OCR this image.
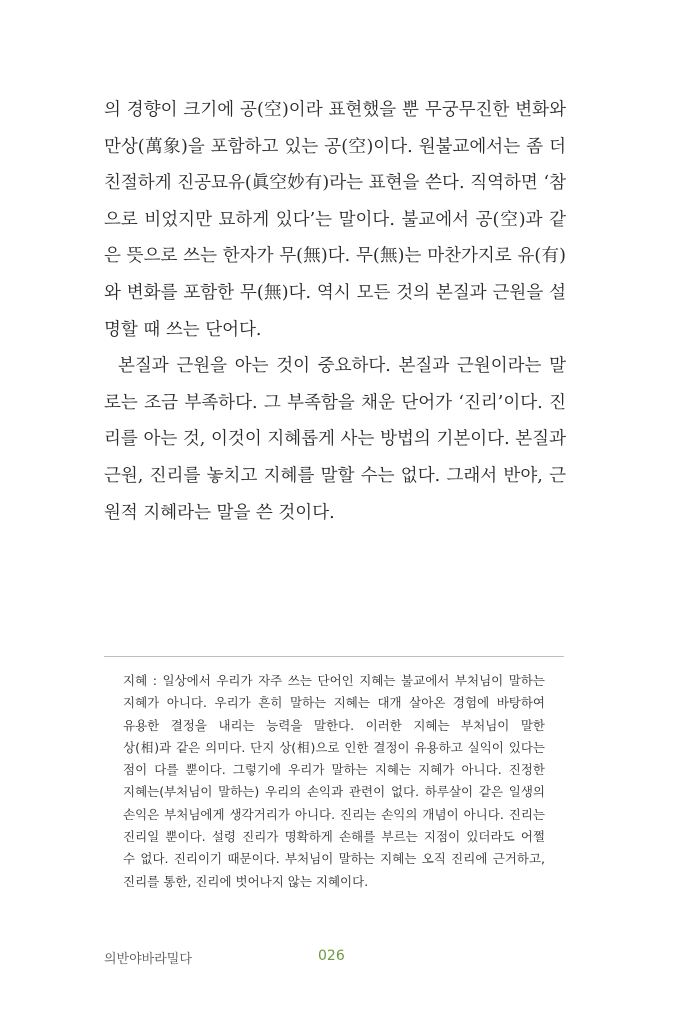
의 경향이 크기에 공(空)이라 표현했을 뿐 무궁무진한 변화와
만상(萬象)을 포함하고 있는 공(空)이다. 원불교에서는 좀 더
친절하게 진공묘유(眞空妙有)라는 표현을 쓴다. 직역하면 ‘참
으로 비었지만 묘하게 있다’는 말이다. 불교에서 공(空)과 같
은 뜻으로 쓰는 한자가 무(無)다. 무(無)는 마찬가지로 유(有)
와 변화를 포함한 무(無)다. 역시 모든 것의 본질과 근원을 설
명할 때 쓰는 단어다.
본질과 근원을 아는 것이 중요하다. 본질과 근원이라는 말
로는 조금 부족하다. 그 부족함을 채운 단어가 ‘진리’이다. 진
리를 아는 것, 이것이 지혜롭게 사는 방법의 기본이다. 본질과
근원, 진리를 놓치고 지혜를 말할 수는 없다. 그래서 반야, 근
원적 지혜라는 말을 쓴 것이다.
지혜 : 일상에서 우리가 자주 쓰는 단어인 지혜는 불교에서 부처님이 말하는
지혜가 아니다. 우리가 흔히 말하는 지혜는 대개 살아온 경험에 바탕하여
유용한 결정을 내리는 능력을 말한다. 이러한 지혜는 부처님이 말한
상(相)과 같은 의미다. 단지 상(相)으로 인한 결정이 유용하고 실익이 있다는
점이 다를 뿐이다. 그렇기에 우리가 말하는 지혜는 지혜가 아니다. 진정한
지혜는(부처님이 말하는) 우리의 손익과 관련이 없다. 하루살이 같은 일생의
손익은 부처님에게 생각거리가 아니다. 진리는 손익의 개념이 아니다. 진리는
진리일 뿐이다. 설령 진리가 명확하게 손해를 부르는 지점이 있더라도 어쩔
수 없다. 진리이기 때문이다. 부처님이 말하는 지혜는 오직 진리에 근거하고,
진리를 통한, 진리에 벗어나지 않는 지혜이다.
의반야바라밀다	026
